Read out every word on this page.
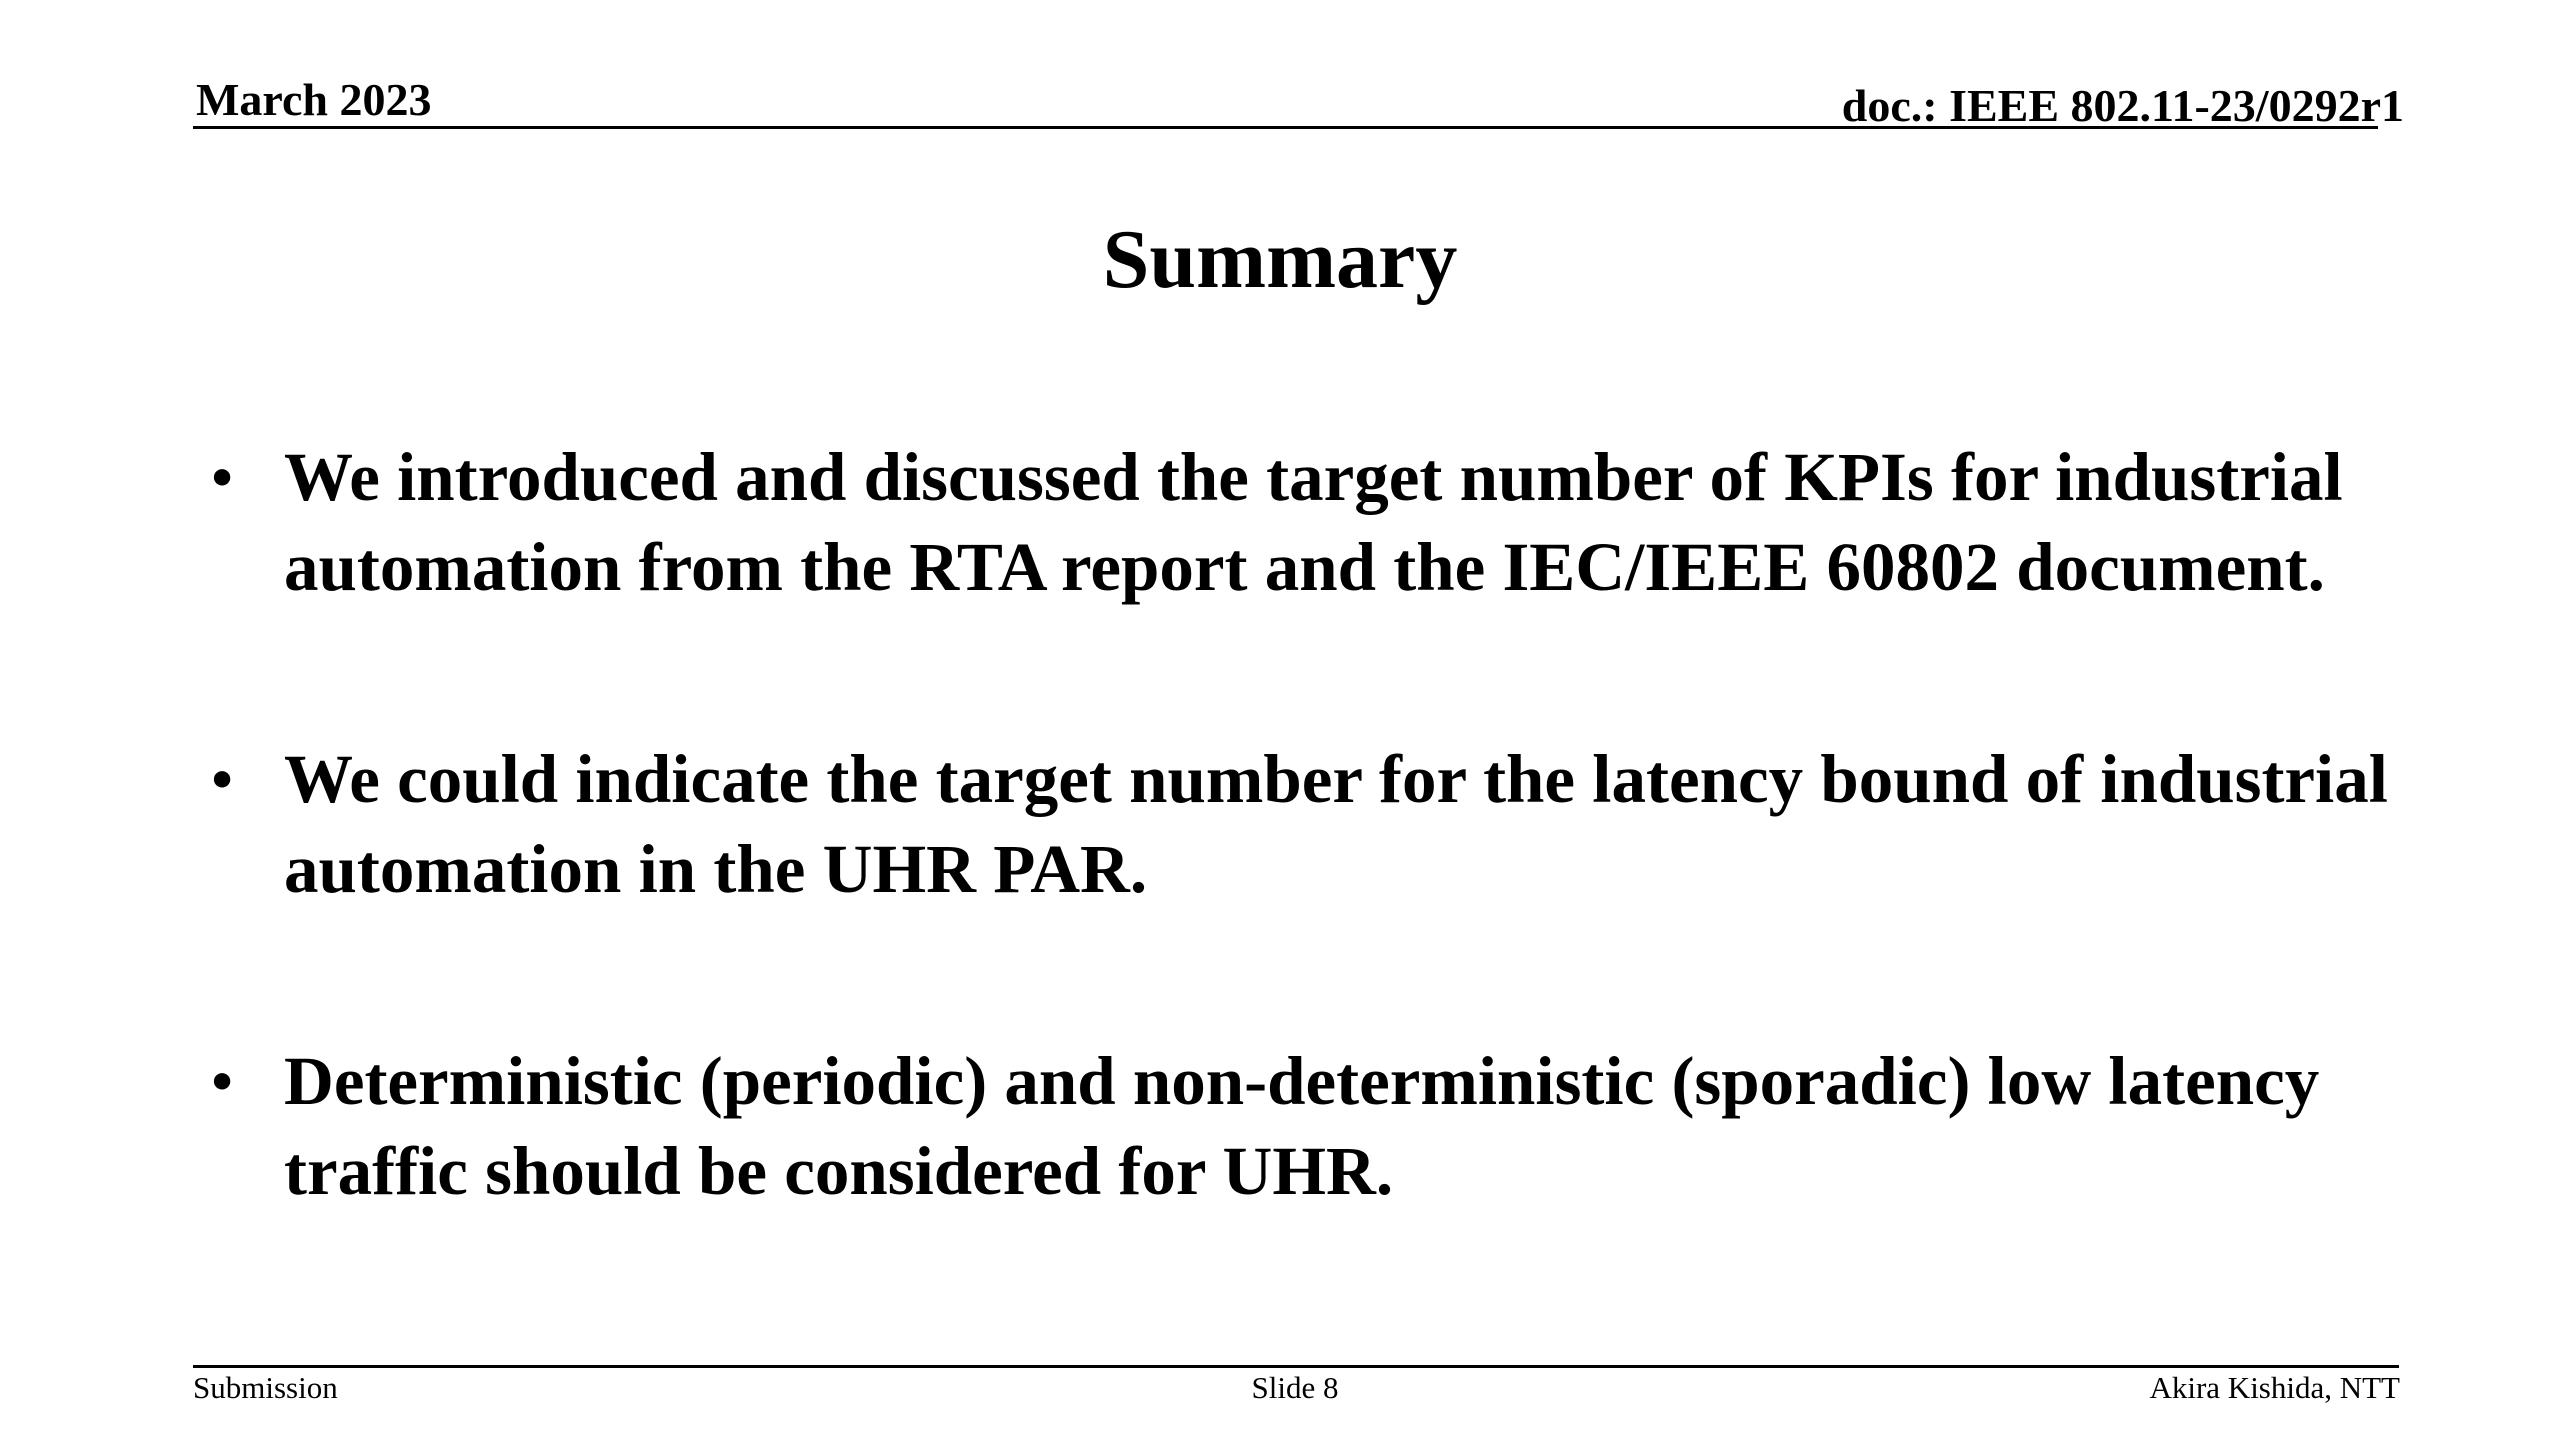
March 2023	doc.: IEEE 802.11-23/0292r1
Summary
• We introduced and discussed the target number of KPIs for industrial automation from the RTA report and the IEC/IEEE 60802 document.
• We could indicate the target number for the latency bound of industrial automation in the UHR PAR.
• Deterministic (periodic) and non-deterministic (sporadic) low latency traffic should be considered for UHR.
Submission	Slide 8	Akira Kishida, NTT
